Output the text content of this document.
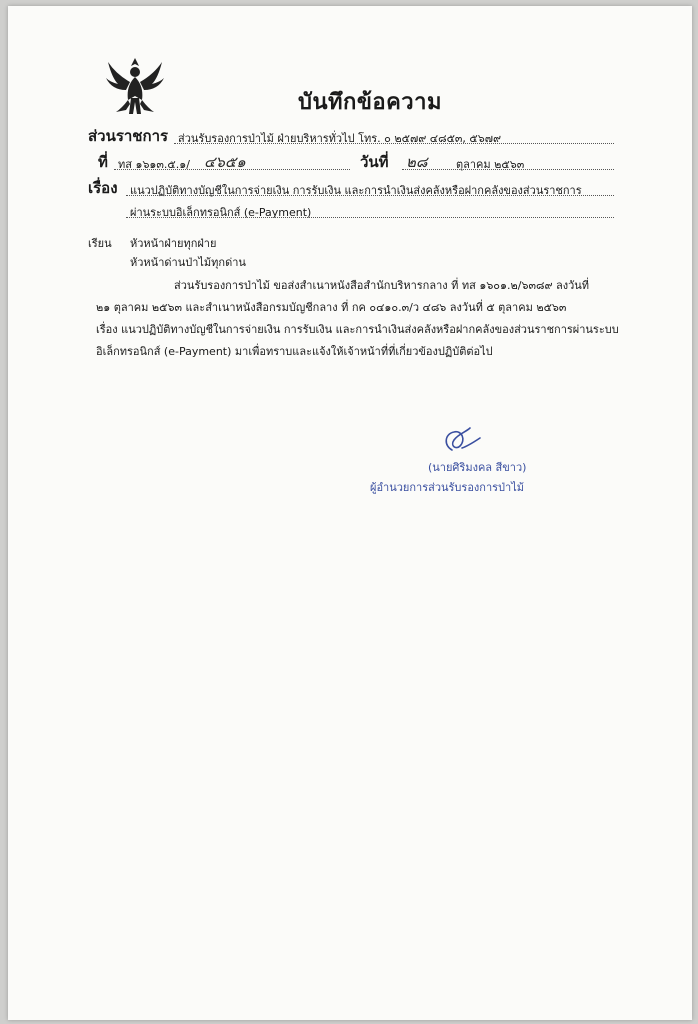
บันทึกข้อความ
ส่วนราชการ ส่วนรับรองการป่าไม้ ฝ่ายบริหารทั่วไป โทร. ๐ ๒๕๗๙ ๔๘๕๓, ๕๖๗๙
ที่ ทส ๑๖๑๓.๕.๑/ ๔๖๕๑	วันที่ ๒๘	ตุลาคม ๒๕๖๓
เรื่อง แนวปฏิบัติทางบัญชีในการจ่ายเงิน การรับเงิน และการนำเงินส่งคลังหรือฝากคลังของส่วนราชการ
ผ่านระบบอิเล็กทรอนิกส์ (e-Payment)
เรียน หัวหน้าฝ่ายทุกฝ่าย
หัวหน้าด่านป่าไม้ทุกด่าน
ส่วนรับรองการป่าไม้ ขอส่งสำเนาหนังสือสำนักบริหารกลาง ที่ ทส ๑๖๐๑.๒/๖๓๘๙ ลงวันที่
๒๑ ตุลาคม ๒๕๖๓ และสำเนาหนังสือกรมบัญชีกลาง ที่ กค ๐๔๑๐.๓/ว ๔๘๖ ลงวันที่ ๕ ตุลาคม ๒๕๖๓
เรื่อง แนวปฏิบัติทางบัญชีในการจ่ายเงิน การรับเงิน และการนำเงินส่งคลังหรือฝากคลังของส่วนราชการผ่านระบบ
อิเล็กทรอนิกส์ (e-Payment) มาเพื่อทราบและแจ้งให้เจ้าหน้าที่ที่เกี่ยวข้องปฏิบัติต่อไป
(นายศิริมงคล สีขาว)
ผู้อำนวยการส่วนรับรองการป่าไม้
